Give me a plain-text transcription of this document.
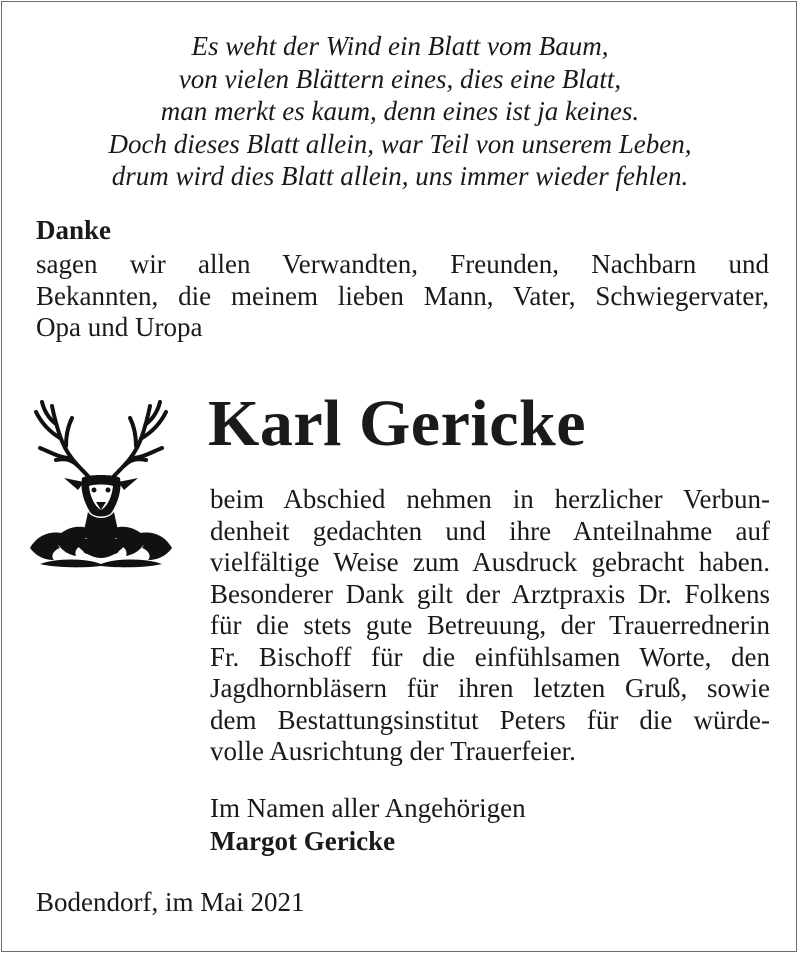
Es weht der Wind ein Blatt vom Baum,
von vielen Blättern eines, dies eine Blatt,
man merkt es kaum, denn eines ist ja keines.
Doch dieses Blatt allein, war Teil von unserem Leben,
drum wird dies Blatt allein, uns immer wieder fehlen.
Danke
sagen wir allen Verwandten, Freunden, Nachbarn und
Bekannten, die meinem lieben Mann, Vater, Schwiegervater,
Opa und Uropa
Karl Gericke
beim Abschied nehmen in herzlicher Verbun-
denheit gedachten und ihre Anteilnahme auf
vielfältige Weise zum Ausdruck gebracht haben.
Besonderer Dank gilt der Arztpraxis Dr. Folkens
für die stets gute Betreuung, der Trauerrednerin
Fr. Bischoff für die einfühlsamen Worte, den
Jagdhornbläsern für ihren letzten Gruß, sowie
dem Bestattungsinstitut Peters für die würde-
volle Ausrichtung der Trauerfeier.
Im Namen aller Angehörigen
Margot Gericke
Bodendorf, im Mai 2021
